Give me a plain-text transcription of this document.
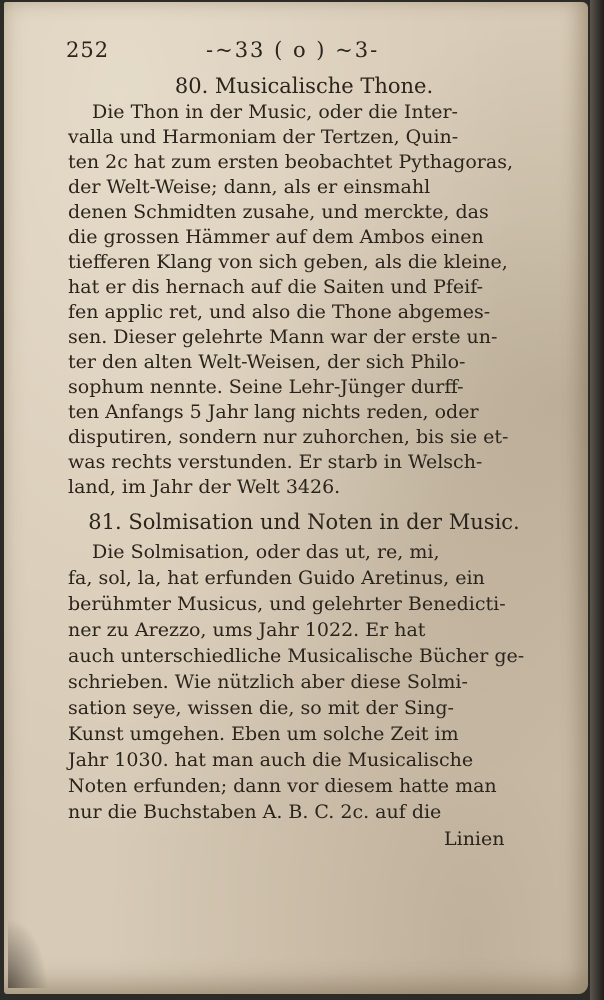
252	-~33 ( o ) ~3-
80. Musicalische Thone.
Die Thon in der Music, oder die Inter-
valla und Harmoniam der Tertzen, Quin-
ten 2c hat zum ersten beobachtet Pythagoras,
der Welt-Weise; dann, als er einsmahl
denen Schmidten zusahe, und merckte, das
die grossen Hämmer auf dem Ambos einen
tiefferen Klang von sich geben, als die kleine,
hat er dis hernach auf die Saiten und Pfeif-
fen applic ret, und also die Thone abgemes-
sen. Dieser gelehrte Mann war der erste un-
ter den alten Welt-Weisen, der sich Philo-
sophum nennte. Seine Lehr-Jünger durff-
ten Anfangs 5 Jahr lang nichts reden, oder
disputiren, sondern nur zuhorchen, bis sie et-
was rechts verstunden. Er starb in Welsch-
land, im Jahr der Welt 3426.
81. Solmisation und Noten in der Music.
Die Solmisation, oder das ut, re, mi,
fa, sol, la, hat erfunden Guido Aretinus, ein
berühmter Musicus, und gelehrter Benedicti-
ner zu Arezzo, ums Jahr 1022. Er hat
auch unterschiedliche Musicalische Bücher ge-
schrieben. Wie nützlich aber diese Solmi-
sation seye, wissen die, so mit der Sing-
Kunst umgehen. Eben um solche Zeit im
Jahr 1030. hat man auch die Musicalische
Noten erfunden; dann vor diesem hatte man
nur die Buchstaben A. B. C. 2c. auf die
Linien
